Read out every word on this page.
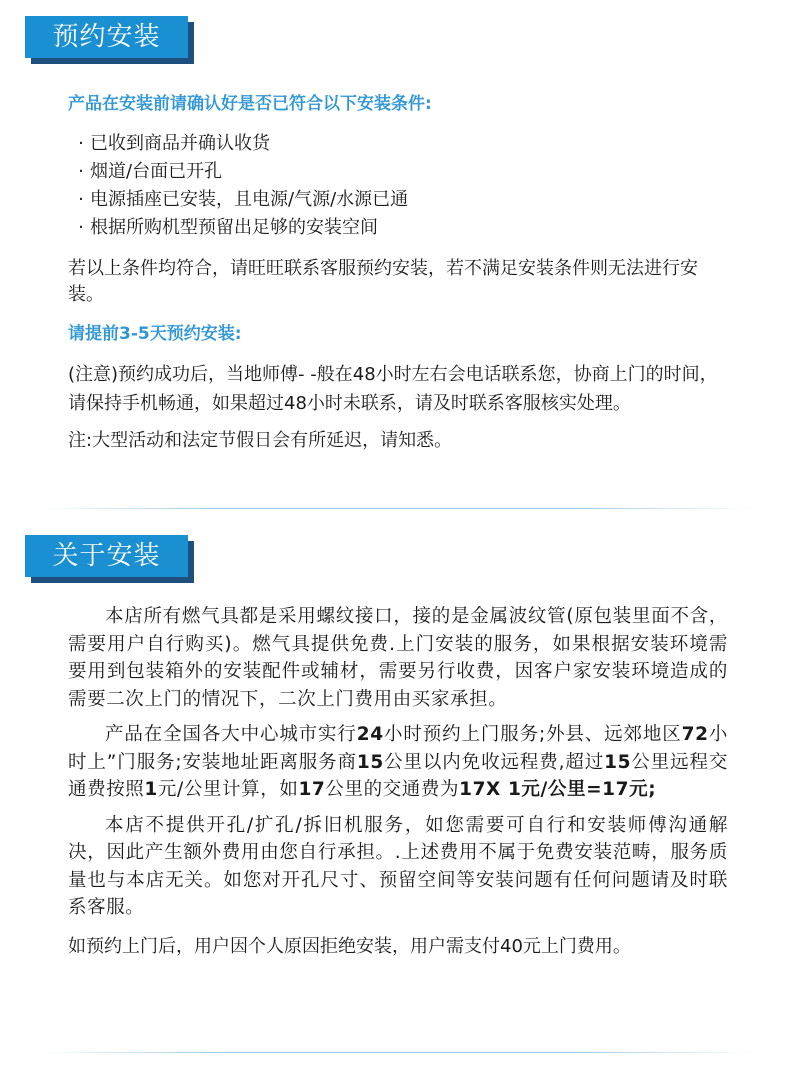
预约安装

产品在安装前请确认好是否已符合以下安装条件:

· 已收到商品并确认收货
· 烟道/台面已开孔
· 电源插座已安装，且电源/气源/水源已通
· 根据所购机型预留出足够的安装空间

若以上条件均符合，请旺旺联系客服预约安装，若不满足安装条件则无法进行安装。

请提前3-5天预约安装:

(注意)预约成功后，当地师傅- -般在48小时左右会电话联系您，协商上门的时间，请保持手机畅通，如果超过48小时未联系，请及时联系客服核实处理。

注:大型活动和法定节假日会有所延迟，请知悉。

关于安装

本店所有燃气具都是采用螺纹接口，接的是金属波纹管(原包装里面不含，需要用户自行购买)。燃气具提供免费.上门安装的服务，如果根据安装环境需要用到包装箱外的安装配件或辅材，需要另行收费，因客户家安装环境造成的需要二次上门的情况下，二次上门费用由买家承担。

产品在全国各大中心城市实行24小时预约上门服务;外县、远郊地区72小时上”门服务;安装地址距离服务商15公里以内免收远程费,超过15公里远程交通费按照1元/公里计算，如17公里的交通费为17X 1元/公里=17元;

本店不提供开孔/扩孔/拆旧机服务，如您需要可自行和安装师傅沟通解决，因此产生额外费用由您自行承担。.上述费用不属于免费安装范畴，服务质量也与本店无关。如您对开孔尺寸、预留空间等安装问题有任何问题请及时联系客服。

如预约上门后，用户因个人原因拒绝安装，用户需支付40元上门费用。
